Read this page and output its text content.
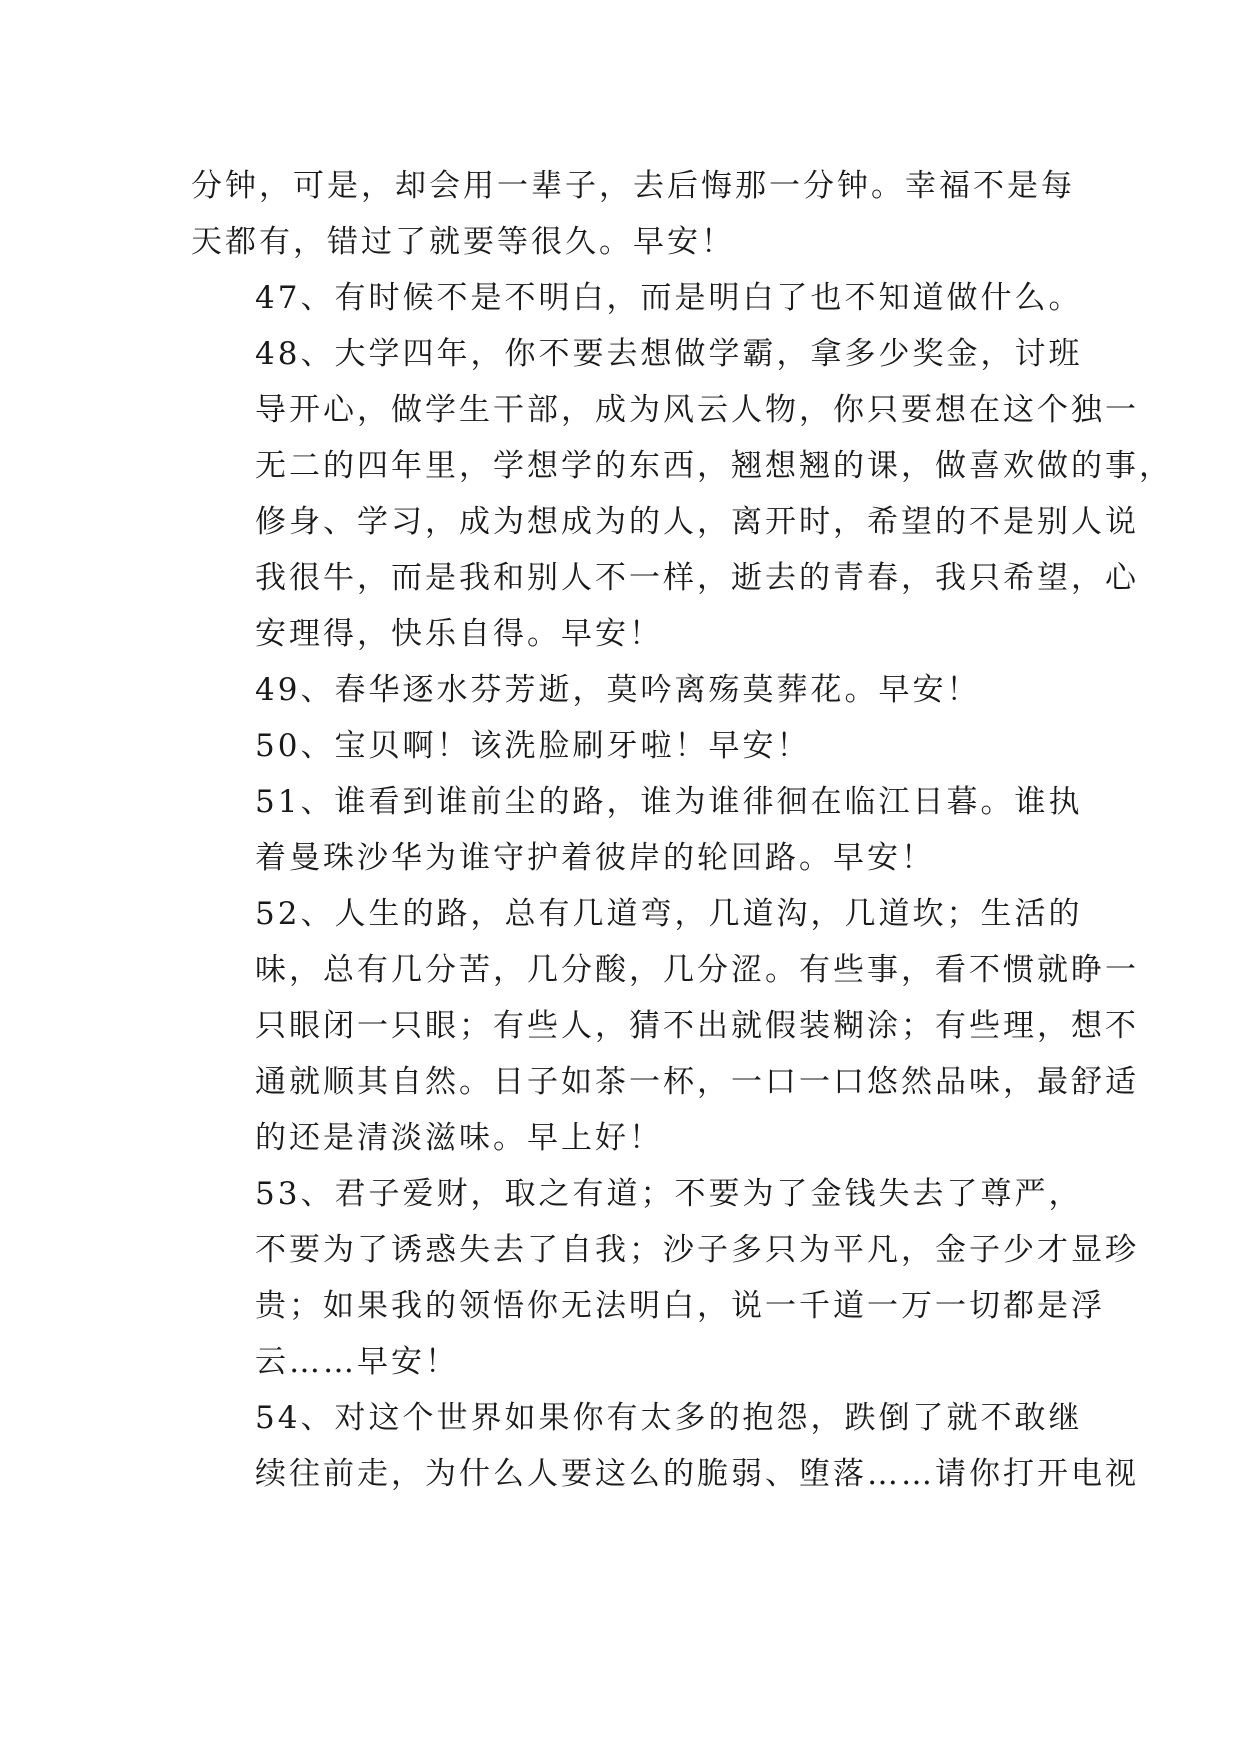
分钟，可是，却会用一辈子，去后悔那一分钟。幸福不是每
天都有，错过了就要等很久。早安！

47、有时候不是不明白，而是明白了也不知道做什么。

48、大学四年，你不要去想做学霸，拿多少奖金，讨班
导开心，做学生干部，成为风云人物，你只要想在这个独一
无二的四年里，学想学的东西，翘想翘的课，做喜欢做的事，
修身、学习，成为想成为的人，离开时，希望的不是别人说
我很牛，而是我和别人不一样，逝去的青春，我只希望，心
安理得，快乐自得。早安！

49、春华逐水芬芳逝，莫吟离殇莫葬花。早安！

50、宝贝啊！该洗脸刷牙啦！早安！

51、谁看到谁前尘的路，谁为谁徘徊在临江日暮。谁执
着曼珠沙华为谁守护着彼岸的轮回路。早安！

52、人生的路，总有几道弯，几道沟，几道坎；生活的
味，总有几分苦，几分酸，几分涩。有些事，看不惯就睁一
只眼闭一只眼；有些人，猜不出就假装糊涂；有些理，想不
通就顺其自然。日子如茶一杯，一口一口悠然品味，最舒适
的还是清淡滋味。早上好！

53、君子爱财，取之有道；不要为了金钱失去了尊严，
不要为了诱惑失去了自我；沙子多只为平凡，金子少才显珍
贵；如果我的领悟你无法明白，说一千道一万一切都是浮
云……早安！

54、对这个世界如果你有太多的抱怨，跌倒了就不敢继
续往前走，为什么人要这么的脆弱、堕落……请你打开电视
